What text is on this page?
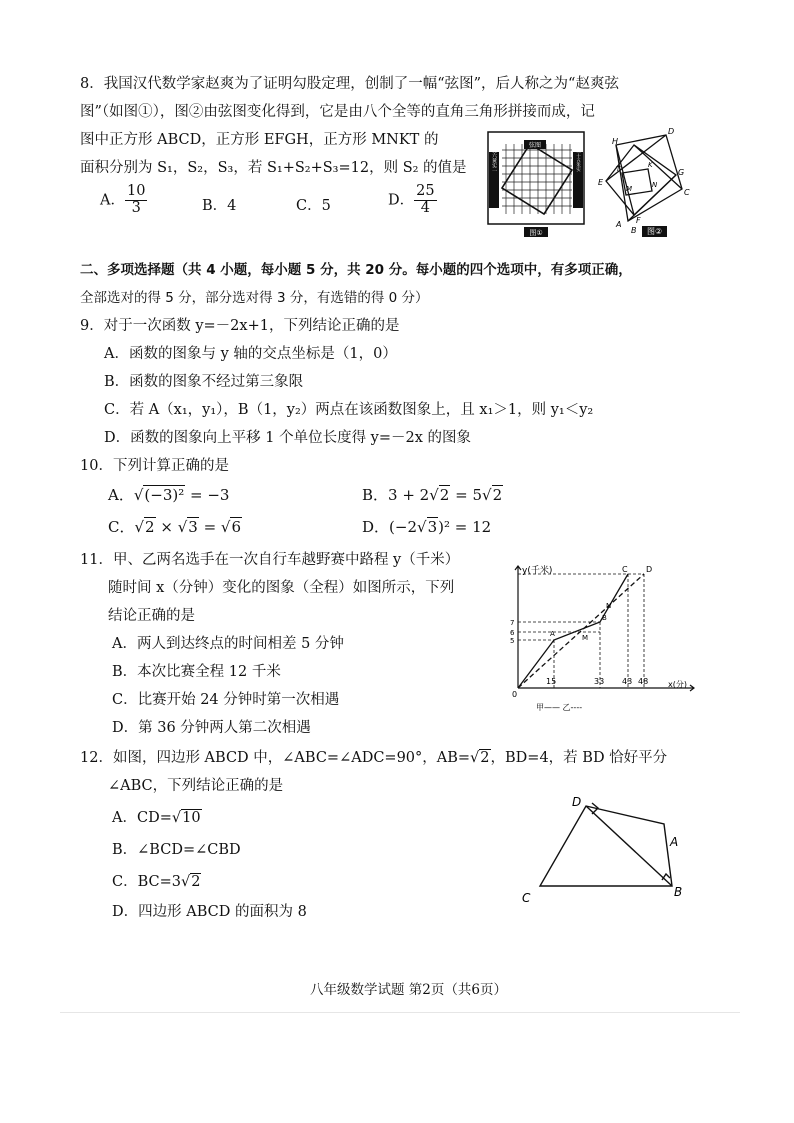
8．我国汉代数学家赵爽为了证明勾股定理，创制了一幅“弦图”，后人称之为“赵爽弦
图”（如图①），图②由弦图变化得到，它是由八个全等的直角三角形拼接而成，记
图中正方形 ABCD，正方形 EFGH，正方形 MNKT 的
面积分别为 S₁，S₂，S₃，若 S₁+S₂+S₃=12，则 S₂ 的值是
A． $\frac{10}{3}$	B．4	C．5	D． $\frac{25}{4}$
弦图
朱实六黄实一	黄实二十五朱实
图①
H
D
T	K
E
M	N
G
C
A F
B	图②
二、多项选择题（共 4 小题，每小题 5 分，共 20 分。每小题的四个选项中，有多项正确，
全部选对的得 5 分，部分选对得 3 分，有选错的得 0 分）
9．对于一次函数 y=－2x+1，下列结论正确的是
A．函数的图象与 y 轴的交点坐标是（1，0）
B．函数的图象不经过第三象限
C．若 A（x₁，y₁），B（1，y₂）两点在该函数图象上，且 x₁＞1，则 y₁＜y₂
D．函数的图象向上平移 1 个单位长度得 y=－2x 的图象
10．下列计算正确的是
A．√(−3)² = −3	B．3 + 2√2 = 5√2
C．√2 × √3 = √6	D．(−2√3)² = 12
11．甲、乙两名选手在一次自行车越野赛中路程 y（千米）
随时间 x（分钟）变化的图象（全程）如图所示，下列
结论正确的是
A．两人到达终点的时间相差 5 分钟
B．本次比赛全程 12 千米
C．比赛开始 24 分钟时第一次相遇
D．第 36 分钟两人第二次相遇
y(千米)
x(分)
0
15	33 43 48
7
6
5
A	M
B
N
C D
甲—— 乙----
12．如图，四边形 ABCD 中，∠ABC=∠ADC=90°，AB=√2，BD=4，若 BD 恰好平分
∠ABC，下列结论正确的是
A．CD=√10
B．∠BCD=∠CBD
C．BC=3√2
D．四边形 ABCD 的面积为 8
D
A
B
C
八年级数学试题 第2页（共6页）
